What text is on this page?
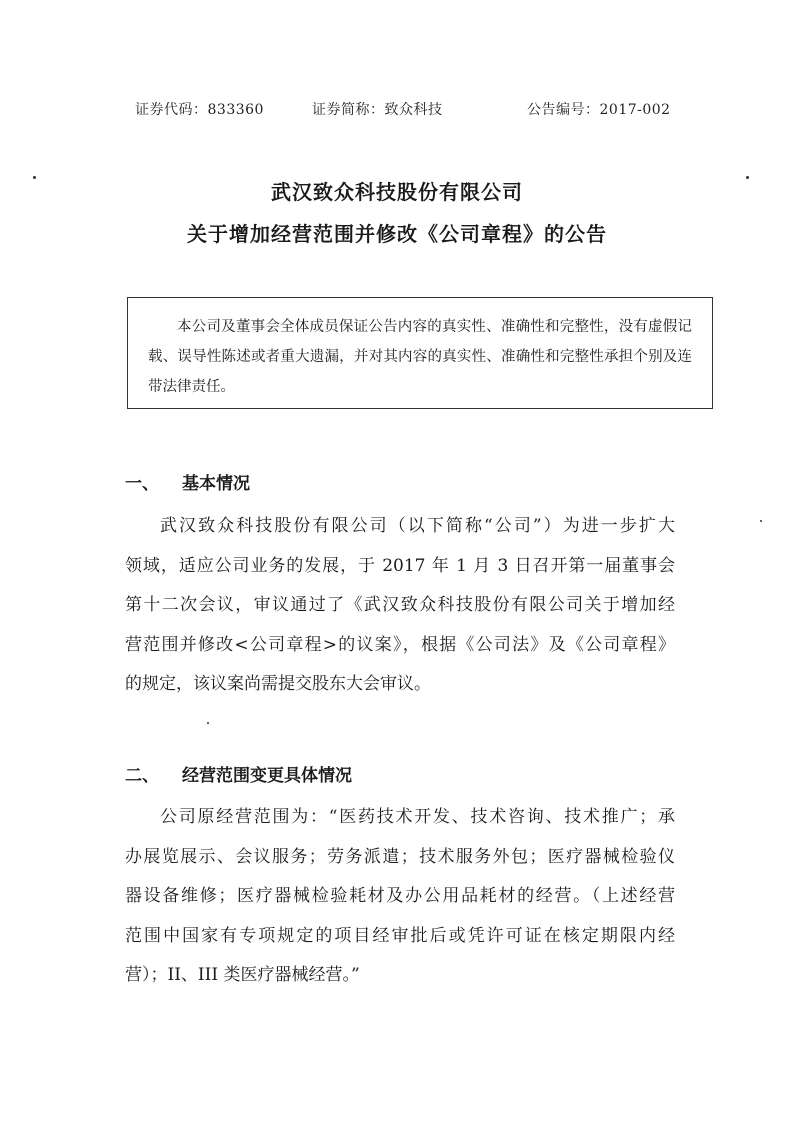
证券代码：833360	证券简称：致众科技	公告编号：2017-002
武汉致众科技股份有限公司
关于增加经营范围并修改《公司章程》的公告
本公司及董事会全体成员保证公告内容的真实性、准确性和完整性，没有虚假记载、误导性陈述或者重大遗漏，并对其内容的真实性、准确性和完整性承担个别及连带法律责任。
一、 基本情况
武汉致众科技股份有限公司（以下简称“公司”）为进一步扩大
领域，适应公司业务的发展，于 2017 年 1 月 3 日召开第一届董事会
第十二次会议，审议通过了《武汉致众科技股份有限公司关于增加经
营范围并修改<公司章程>的议案》，根据《公司法》及《公司章程》
的规定，该议案尚需提交股东大会审议。
二、 经营范围变更具体情况
公司原经营范围为：“医药技术开发、技术咨询、技术推广；承
办展览展示、会议服务；劳务派遣；技术服务外包；医疗器械检验仪
器设备维修；医疗器械检验耗材及办公用品耗材的经营。（上述经营
范围中国家有专项规定的项目经审批后或凭许可证在核定期限内经
营）；II、III 类医疗器械经营。”
